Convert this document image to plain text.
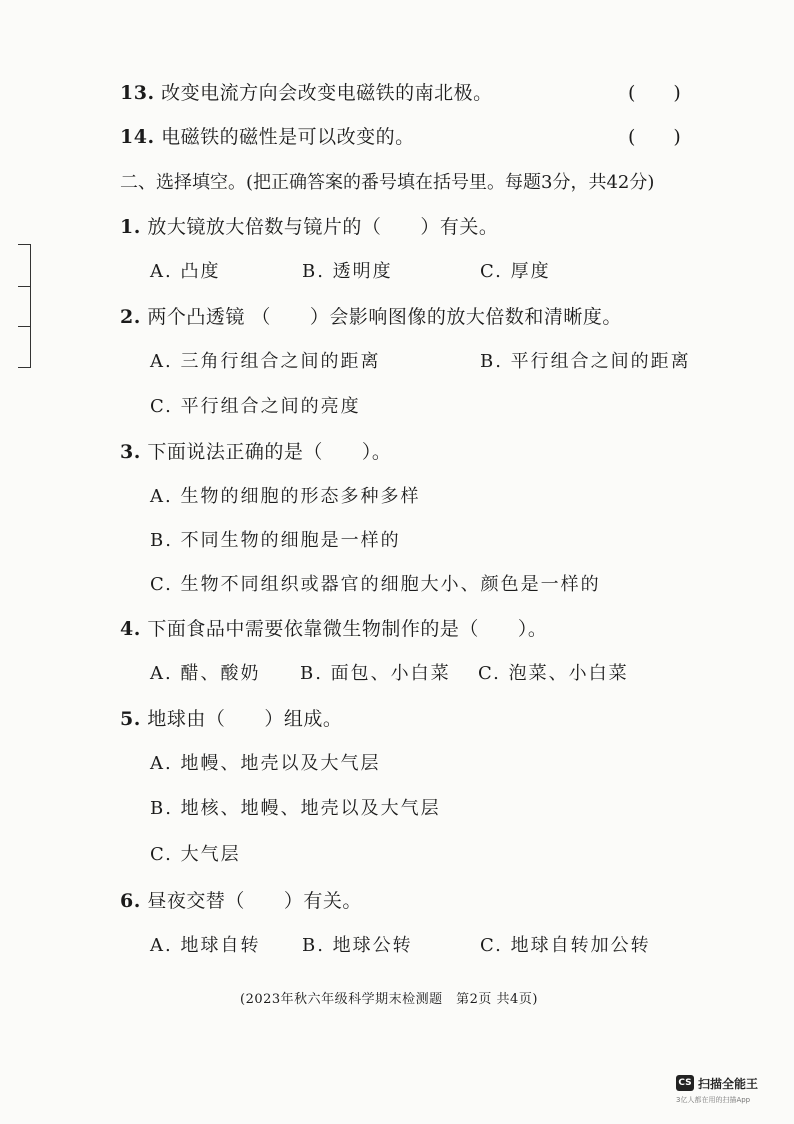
13. 改变电流方向会改变电磁铁的南北极。	(　　)
14. 电磁铁的磁性是可以改变的。	(　　)
二、选择填空。(把正确答案的番号填在括号里。每题3分，共42分)
1. 放大镜放大倍数与镜片的（　　）有关。
A. 凸度	B. 透明度	C. 厚度
2. 两个凸透镜 （　　）会影响图像的放大倍数和清晰度。
A. 三角行组合之间的距离	B. 平行组合之间的距离
C. 平行组合之间的亮度
3. 下面说法正确的是（　　）。
A. 生物的细胞的形态多种多样
B. 不同生物的细胞是一样的
C. 生物不同组织或器官的细胞大小、颜色是一样的
4. 下面食品中需要依靠微生物制作的是（　　）。
A. 醋、酸奶 B. 面包、小白菜 C. 泡菜、小白菜
5. 地球由（　　）组成。
A. 地幔、地壳以及大气层
B. 地核、地幔、地壳以及大气层
C. 大气层
6. 昼夜交替（　　）有关。
A. 地球自转 B. 地球公转	C. 地球自转加公转
(2023年秋六年级科学期末检测题　第2页 共4页)
CS 扫描全能王
3亿人都在用的扫描App
